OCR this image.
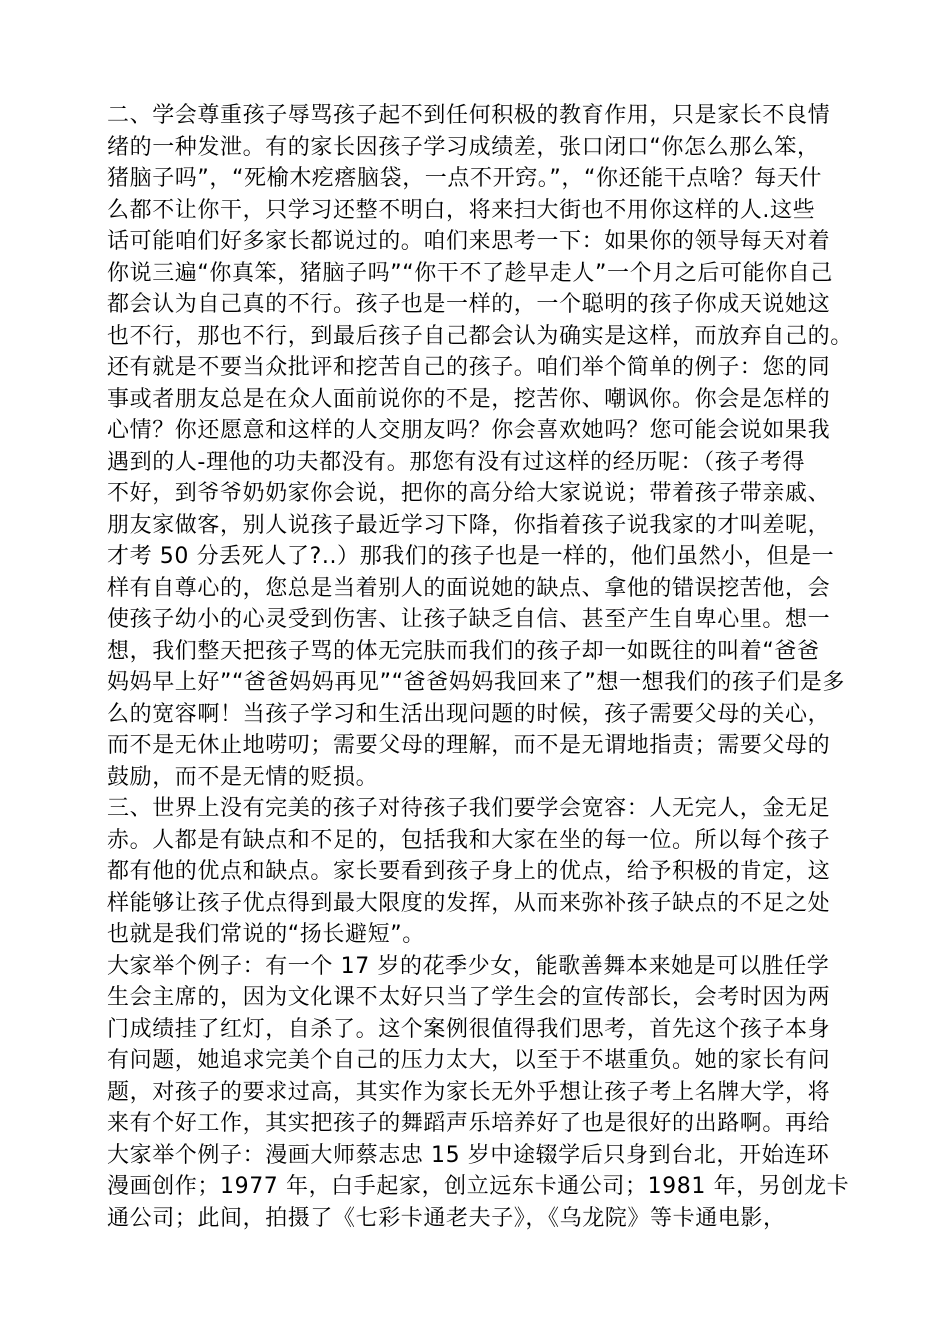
二、学会尊重孩子辱骂孩子起不到任何积极的教育作用，只是家长不良情
绪的一种发泄。有的家长因孩子学习成绩差，张口闭口“你怎么那么笨，
猪脑子吗”，“死榆木疙瘩脑袋，一点不开窍。”，“你还能干点啥？每天什
么都不让你干，只学习还整不明白，将来扫大街也不用你这样的人.这些
话可能咱们好多家长都说过的。咱们来思考一下：如果你的领导每天对着
你说三遍“你真笨，猪脑子吗”“你干不了趁早走人”一个月之后可能你自己
都会认为自己真的不行。孩子也是一样的，一个聪明的孩子你成天说她这
也不行，那也不行，到最后孩子自己都会认为确实是这样，而放弃自己的。
还有就是不要当众批评和挖苦自己的孩子。咱们举个简单的例子：您的同
事或者朋友总是在众人面前说你的不是，挖苦你、嘲讽你。你会是怎样的
心情？你还愿意和这样的人交朋友吗？你会喜欢她吗？您可能会说如果我
遇到的人-理他的功夫都没有。那您有没有过这样的经历呢：（孩子考得
不好，到爷爷奶奶家你会说，把你的高分给大家说说；带着孩子带亲戚、
朋友家做客，别人说孩子最近学习下降，你指着孩子说我家的才叫差呢，
才考 50 分丢死人了?..）那我们的孩子也是一样的，他们虽然小，但是一
样有自尊心的，您总是当着别人的面说她的缺点、拿他的错误挖苦他，会
使孩子幼小的心灵受到伤害、让孩子缺乏自信、甚至产生自卑心里。想一
想，我们整天把孩子骂的体无完肤而我们的孩子却一如既往的叫着“爸爸
妈妈早上好”“爸爸妈妈再见”“爸爸妈妈我回来了”想一想我们的孩子们是多
么的宽容啊！当孩子学习和生活出现问题的时候，孩子需要父母的关心，
而不是无休止地唠叨；需要父母的理解，而不是无谓地指责；需要父母的
鼓励，而不是无情的贬损。
三、世界上没有完美的孩子对待孩子我们要学会宽容：人无完人，金无足
赤。人都是有缺点和不足的，包括我和大家在坐的每一位。所以每个孩子
都有他的优点和缺点。家长要看到孩子身上的优点，给予积极的肯定，这
样能够让孩子优点得到最大限度的发挥，从而来弥补孩子缺点的不足之处
也就是我们常说的“扬长避短”。
大家举个例子：有一个 17 岁的花季少女，能歌善舞本来她是可以胜任学
生会主席的，因为文化课不太好只当了学生会的宣传部长，会考时因为两
门成绩挂了红灯，自杀了。这个案例很值得我们思考，首先这个孩子本身
有问题，她追求完美个自己的压力太大，以至于不堪重负。她的家长有问
题，对孩子的要求过高，其实作为家长无外乎想让孩子考上名牌大学，将
来有个好工作，其实把孩子的舞蹈声乐培养好了也是很好的出路啊。再给
大家举个例子：漫画大师蔡志忠 15 岁中途辍学后只身到台北，开始连环
漫画创作；1977 年，白手起家，创立远东卡通公司；1981 年，另创龙卡
通公司；此间，拍摄了《七彩卡通老夫子》，《乌龙院》等卡通电影，
